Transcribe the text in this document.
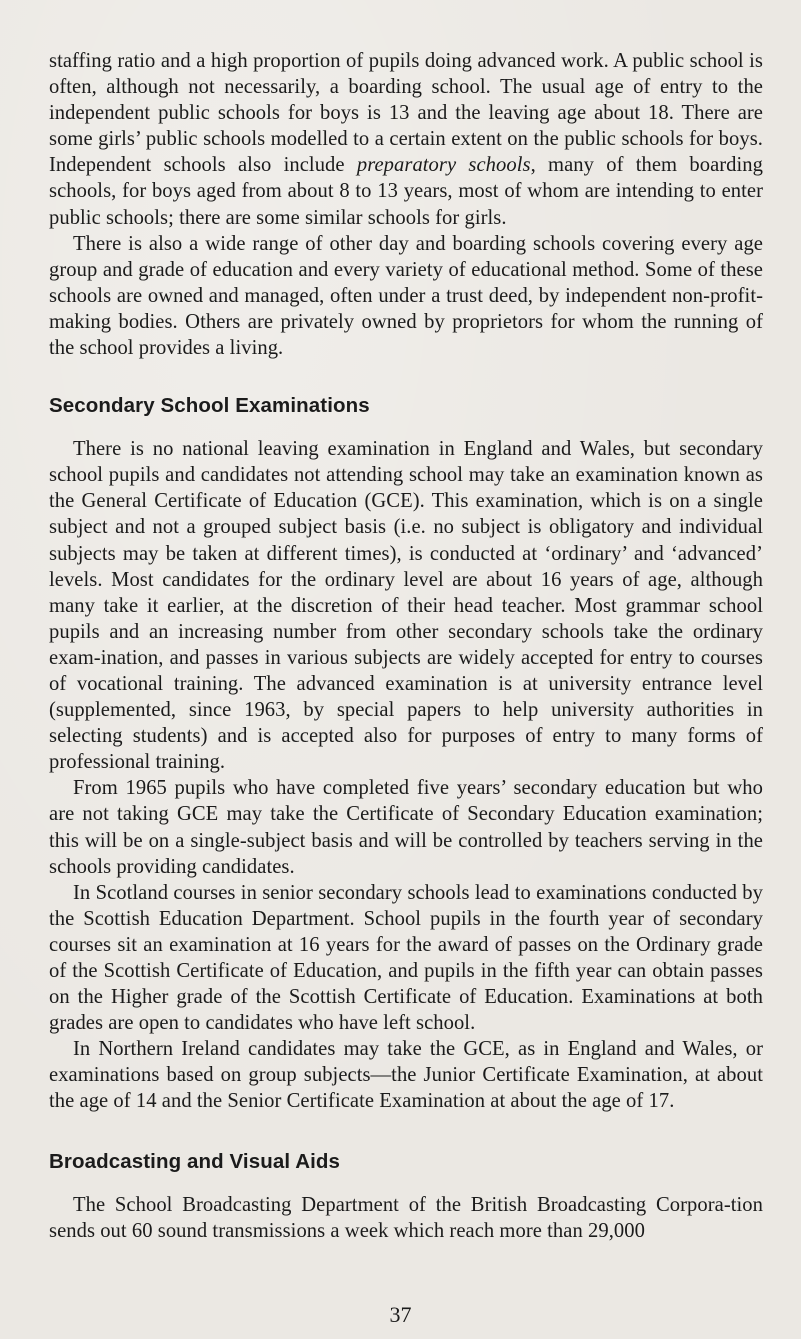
staffing ratio and a high proportion of pupils doing advanced work. A public school is often, although not necessarily, a boarding school. The usual age of entry to the independent public schools for boys is 13 and the leaving age about 18. There are some girls’ public schools modelled to a certain extent on the public schools for boys. Independent schools also include preparatory schools, many of them boarding schools, for boys aged from about 8 to 13 years, most of whom are intending to enter public schools; there are some similar schools for girls.

There is also a wide range of other day and boarding schools covering every age group and grade of education and every variety of educational method. Some of these schools are owned and managed, often under a trust deed, by independent non-profit-making bodies. Others are privately owned by proprietors for whom the running of the school provides a living.

Secondary School Examinations

There is no national leaving examination in England and Wales, but secondary school pupils and candidates not attending school may take an examination known as the General Certificate of Education (GCE). This examination, which is on a single subject and not a grouped subject basis (i.e. no subject is obligatory and individual subjects may be taken at different times), is conducted at ‘ordinary’ and ‘advanced’ levels. Most candidates for the ordinary level are about 16 years of age, although many take it earlier, at the discretion of their head teacher. Most grammar school pupils and an increasing number from other secondary schools take the ordinary exam-ination, and passes in various subjects are widely accepted for entry to courses of vocational training. The advanced examination is at university entrance level (supplemented, since 1963, by special papers to help university authorities in selecting students) and is accepted also for purposes of entry to many forms of professional training.

From 1965 pupils who have completed five years’ secondary education but who are not taking GCE may take the Certificate of Secondary Education examination; this will be on a single-subject basis and will be controlled by teachers serving in the schools providing candidates.

In Scotland courses in senior secondary schools lead to examinations conducted by the Scottish Education Department. School pupils in the fourth year of secondary courses sit an examination at 16 years for the award of passes on the Ordinary grade of the Scottish Certificate of Education, and pupils in the fifth year can obtain passes on the Higher grade of the Scottish Certificate of Education. Examinations at both grades are open to candidates who have left school.

In Northern Ireland candidates may take the GCE, as in England and Wales, or examinations based on group subjects—the Junior Certificate Examination, at about the age of 14 and the Senior Certificate Examination at about the age of 17.

Broadcasting and Visual Aids

The School Broadcasting Department of the British Broadcasting Corpora-tion sends out 60 sound transmissions a week which reach more than 29,000

37
